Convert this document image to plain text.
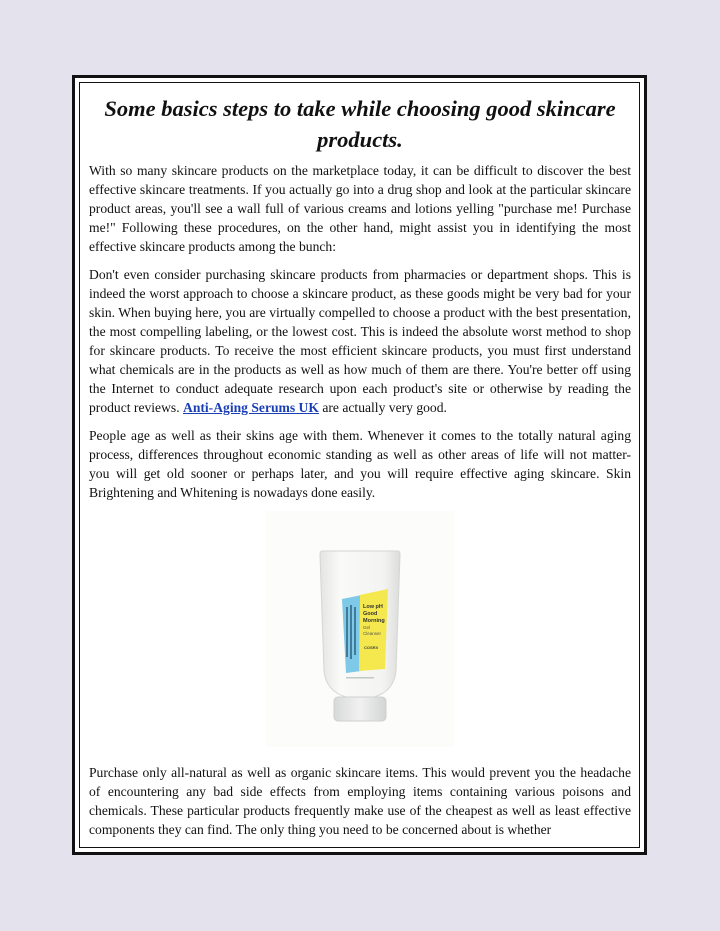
Some basics steps to take while choosing good skincare products.

With so many skincare products on the marketplace today, it can be difficult to discover the best effective skincare treatments. If you actually go into a drug shop and look at the particular skincare product areas, you'll see a wall full of various creams and lotions yelling "purchase me! Purchase me!" Following these procedures, on the other hand, might assist you in identifying the most effective skincare products among the bunch:

Don't even consider purchasing skincare products from pharmacies or department shops. This is indeed the worst approach to choose a skincare product, as these goods might be very bad for your skin. When buying here, you are virtually compelled to choose a product with the best presentation, the most compelling labeling, or the lowest cost. This is indeed the absolute worst method to shop for skincare products. To receive the most efficient skincare products, you must first understand what chemicals are in the products as well as how much of them are there. You're better off using the Internet to conduct adequate research upon each product's site or otherwise by reading the product reviews. Anti-Aging Serums UK are actually very good.

People age as well as their skins age with them. Whenever it comes to the totally natural aging process, differences throughout economic standing as well as other areas of life will not matter- you will get old sooner or perhaps later, and you will require effective aging skincare. Skin Brightening and Whitening is nowadays done easily.

Low pH
Good
Morning
Gel
Cleanser
COSRX

Purchase only all-natural as well as organic skincare items. This would prevent you the headache of encountering any bad side effects from employing items containing various poisons and chemicals. These particular products frequently make use of the cheapest as well as least effective components they can find. The only thing you need to be concerned about is whether
